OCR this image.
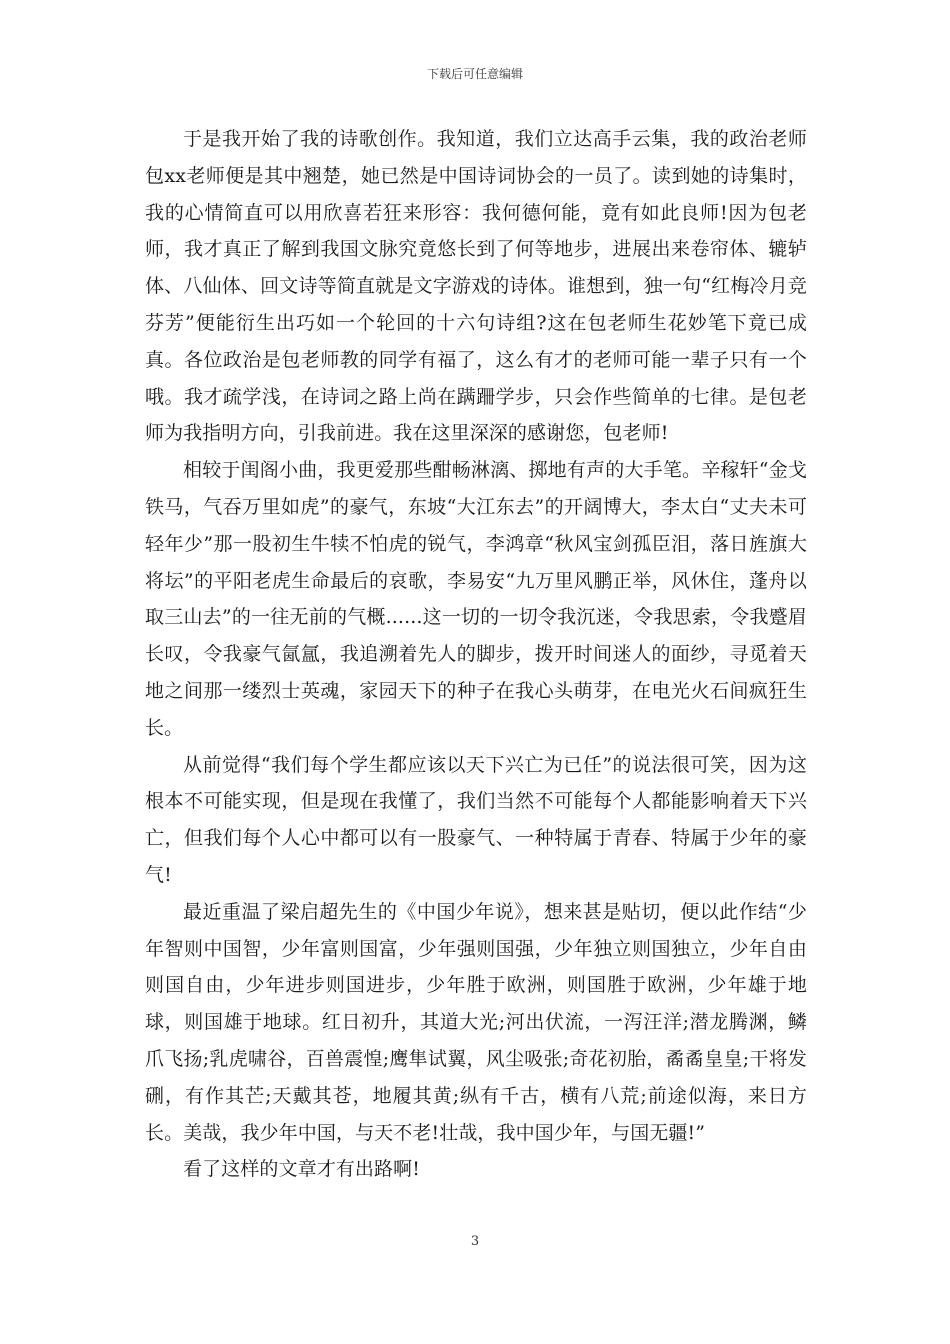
下载后可任意编辑

于是我开始了我的诗歌创作。我知道，我们立达高手云集，我的政治老师包xx老师便是其中翘楚，她已然是中国诗词协会的一员了。读到她的诗集时，我的心情简直可以用欣喜若狂来形容：我何德何能，竟有如此良师!因为包老师，我才真正了解到我国文脉究竟悠长到了何等地步，进展出来卷帘体、辘轳体、八仙体、回文诗等简直就是文字游戏的诗体。谁想到，独一句“红梅冷月竞芬芳”便能衍生出巧如一个轮回的十六句诗组?这在包老师生花妙笔下竟已成真。各位政治是包老师教的同学有福了，这么有才的老师可能一辈子只有一个哦。我才疏学浅，在诗词之路上尚在蹒跚学步，只会作些简单的七律。是包老师为我指明方向，引我前进。我在这里深深的感谢您，包老师!

相较于闺阁小曲，我更爱那些酣畅淋漓、掷地有声的大手笔。辛稼轩“金戈铁马，气吞万里如虎”的豪气，东坡“大江东去”的开阔博大，李太白“丈夫未可轻年少”那一股初生牛犊不怕虎的锐气，李鸿章“秋风宝剑孤臣泪，落日旌旗大将坛”的平阳老虎生命最后的哀歌，李易安“九万里风鹏正举，风休住，蓬舟以取三山去”的一往无前的气概......这一切的一切令我沉迷，令我思索，令我蹙眉长叹，令我豪气氤氲，我追溯着先人的脚步，拨开时间迷人的面纱，寻觅着天地之间那一缕烈士英魂，家园天下的种子在我心头萌芽，在电光火石间疯狂生长。

从前觉得“我们每个学生都应该以天下兴亡为已任”的说法很可笑，因为这根本不可能实现，但是现在我懂了，我们当然不可能每个人都能影响着天下兴亡，但我们每个人心中都可以有一股豪气、一种特属于青春、特属于少年的豪气!

最近重温了梁启超先生的《中国少年说》，想来甚是贴切，便以此作结“少年智则中国智，少年富则国富，少年强则国强，少年独立则国独立，少年自由则国自由，少年进步则国进步，少年胜于欧洲，则国胜于欧洲，少年雄于地球，则国雄于地球。红日初升，其道大光;河出伏流，一泻汪洋;潜龙腾渊，鳞爪飞扬;乳虎啸谷，百兽震惶;鹰隼试翼，风尘吸张;奇花初胎，矞矞皇皇;干将发硎，有作其芒;天戴其苍，地履其黄;纵有千古，横有八荒;前途似海，来日方长。美哉，我少年中国，与天不老!壮哉，我中国少年，与国无疆!”

看了这样的文章才有出路啊!

3
